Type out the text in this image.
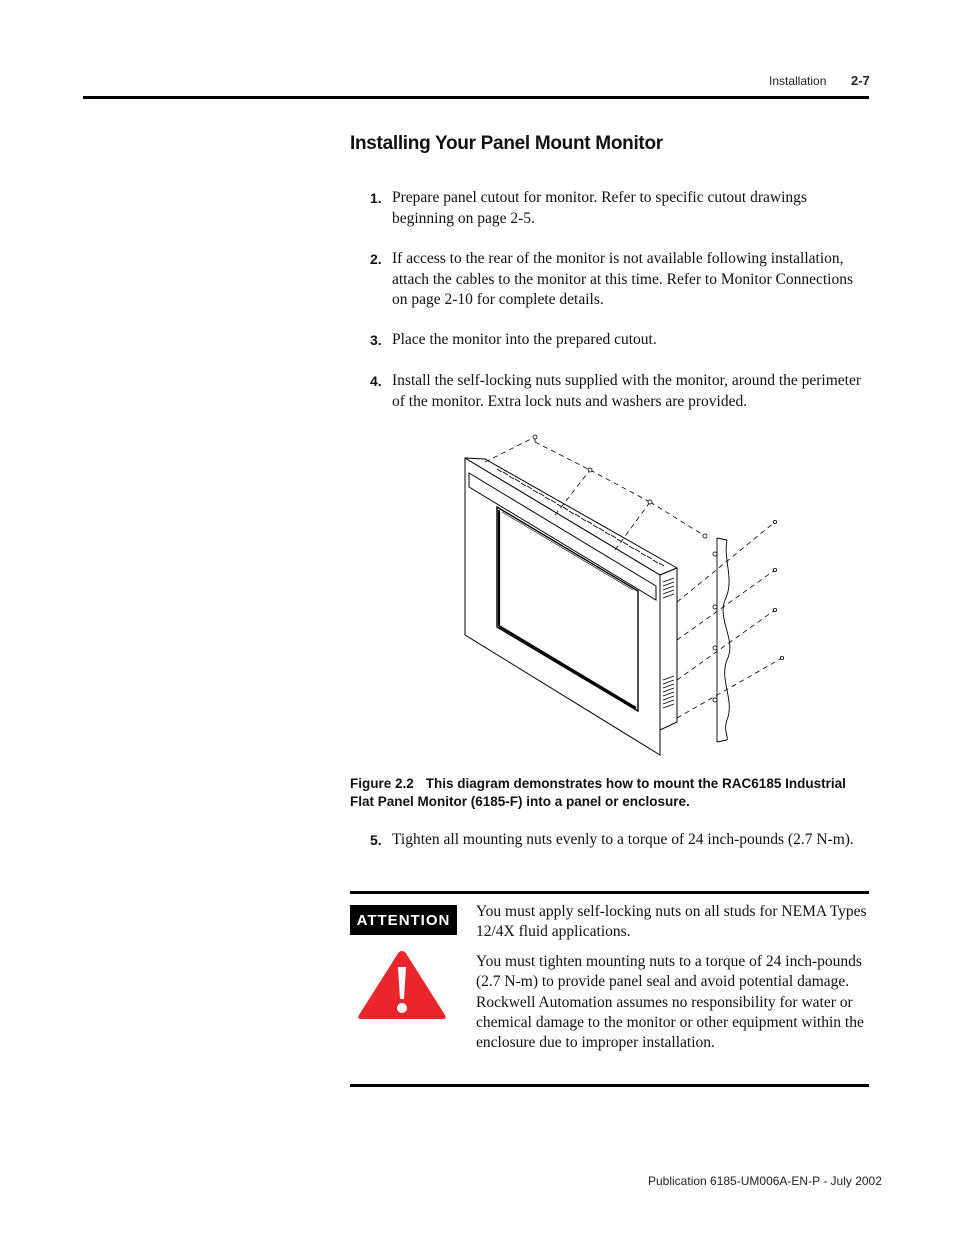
Installation 2-7
Installing Your Panel Mount Monitor
1. Prepare panel cutout for monitor. Refer to specific cutout drawings beginning on page 2-5.
2. If access to the rear of the monitor is not available following installation, attach the cables to the monitor at this time. Refer to Monitor Connections on page 2-10 for complete details.
3. Place the monitor into the prepared cutout.
4. Install the self-locking nuts supplied with the monitor, around the perimeter of the monitor. Extra lock nuts and washers are provided.
Figure 2.2 This diagram demonstrates how to mount the RAC6185 Industrial Flat Panel Monitor (6185-F) into a panel or enclosure.
5. Tighten all mounting nuts evenly to a torque of 24 inch-pounds (2.7 N-m).
ATTENTION	You must apply self-locking nuts on all studs for NEMA Types 12/4X fluid applications.
You must tighten mounting nuts to a torque of 24 inch-pounds (2.7 N-m) to provide panel seal and avoid potential damage. Rockwell Automation assumes no responsibility for water or chemical damage to the monitor or other equipment within the enclosure due to improper installation.
Publication 6185-UM006A-EN-P - July 2002
